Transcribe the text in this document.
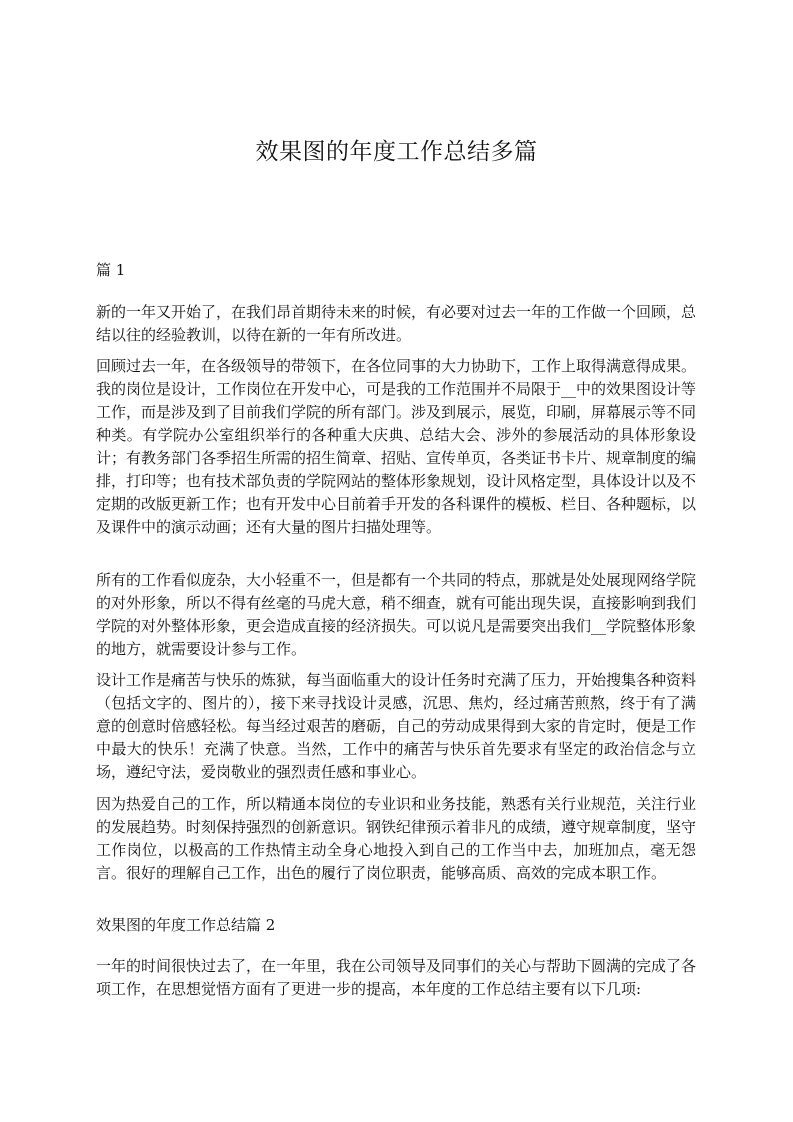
效果图的年度工作总结多篇

篇 1

新的一年又开始了，在我们昂首期待未来的时候，有必要对过去一年的工作做一个回顾，总结以往的经验教训，以待在新的一年有所改进。

回顾过去一年，在各级领导的带领下，在各位同事的大力协助下，工作上取得满意得成果。我的岗位是设计，工作岗位在开发中心，可是我的工作范围并不局限于__中的效果图设计等工作，而是涉及到了目前我们学院的所有部门。涉及到展示，展览，印刷，屏幕展示等不同种类。有学院办公室组织举行的各种重大庆典、总结大会、涉外的参展活动的具体形象设计；有教务部门各季招生所需的招生简章、招贴、宣传单页，各类证书卡片、规章制度的编排，打印等；也有技术部负责的学院网站的整体形象规划，设计风格定型，具体设计以及不定期的改版更新工作；也有开发中心目前着手开发的各科课件的模板、栏目、各种题标，以及课件中的演示动画；还有大量的图片扫描处理等。

所有的工作看似庞杂，大小轻重不一，但是都有一个共同的特点，那就是处处展现网络学院的对外形象，所以不得有丝毫的马虎大意，稍不细查，就有可能出现失误，直接影响到我们学院的对外整体形象，更会造成直接的经济损失。可以说凡是需要突出我们__学院整体形象的地方，就需要设计参与工作。

设计工作是痛苦与快乐的炼狱，每当面临重大的设计任务时充满了压力，开始搜集各种资料（包括文字的、图片的），接下来寻找设计灵感，沉思、焦灼，经过痛苦煎熬，终于有了满意的创意时倍感轻松。每当经过艰苦的磨砺，自己的劳动成果得到大家的肯定时，便是工作中最大的快乐！充满了快意。当然，工作中的痛苦与快乐首先要求有坚定的政治信念与立场，遵纪守法，爱岗敬业的强烈责任感和事业心。

因为热爱自己的工作，所以精通本岗位的专业识和业务技能，熟悉有关行业规范，关注行业的发展趋势。时刻保持强烈的创新意识。钢铁纪律预示着非凡的成绩，遵守规章制度，坚守工作岗位，以极高的工作热情主动全身心地投入到自己的工作当中去，加班加点，毫无怨言。很好的理解自己工作，出色的履行了岗位职责，能够高质、高效的完成本职工作。

效果图的年度工作总结篇 2

一年的时间很快过去了，在一年里，我在公司领导及同事们的关心与帮助下圆满的完成了各项工作，在思想觉悟方面有了更进一步的提高，本年度的工作总结主要有以下几项:
